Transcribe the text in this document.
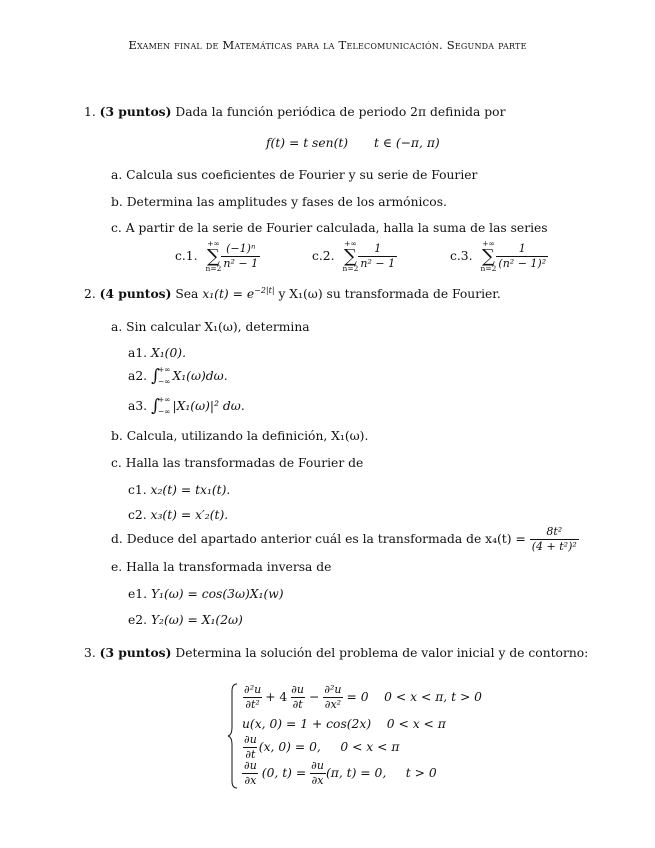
Examen final de Matemáticas para la Telecomunicación. Segunda parte
1. (3 puntos) Dada la función periódica de periodo 2π definida por
f(t) = t sen(t) t ∈ (−π, π)
a. Calcula sus coeficientes de Fourier y su serie de Fourier
b. Determina las amplitudes y fases de los armónicos.
c. A partir de la serie de Fourier calculada, halla la suma de las series
c.1.
+∞
∑
$n=2 \frac{\text{(−1)ⁿ}}{\text{n² − 1}}$	c.2.
+∞
∑
$n=2 \frac{1}{\text{n² − 1}}$	c.3.
+∞
∑
$n=2 \frac{1}{\text{(n² − 1)²}}$
2. (4 puntos) Sea $x_1(t) = e^{-2|t|}$ y X₁(ω) su transformada de Fourier.
a. Sin calcular X₁(ω), determina
a1. X₁(0).
a2. ∫
+∞
−∞ X₁(ω)dω.
a3. ∫
+∞
−∞ |X₁(ω)|² dω.
b. Calcula, utilizando la definición, X₁(ω).
c. Halla las transformadas de Fourier de
c1. x₂(t) = tx₁(t).
c2. x₃(t) = x′₂(t).
d. Deduce del apartado anterior cuál es la transformada de $x_4(t) = \frac{\text{8t²}}{\text{(4 + t²)²}}$
e. Halla la transformada inversa de
e1. Y₁(ω) = cos(3ω)X₁(w)
e2. Y₂(ω) = X₁(2ω)
3. (3 puntos) Determina la solución del problema de valor inicial y de contorno:
$\frac{\text{∂²u}}{\text{∂t²}} + 4 \frac{\partial u}{\partial t} - \frac{\text{∂²u}}{\text{∂x²}} = 0$    0 < x < π, t > 0
u(x, 0) = 1 + cos(2x)    0 < x < π
$\frac{\partial u}{\partial t} (x$, 0) = 0,     0 < x < π
$\frac{\partial u}{\partial x} (0$, $t) = \frac{\partial u}{\partial x} (\pi$, t) = 0,     t > 0
